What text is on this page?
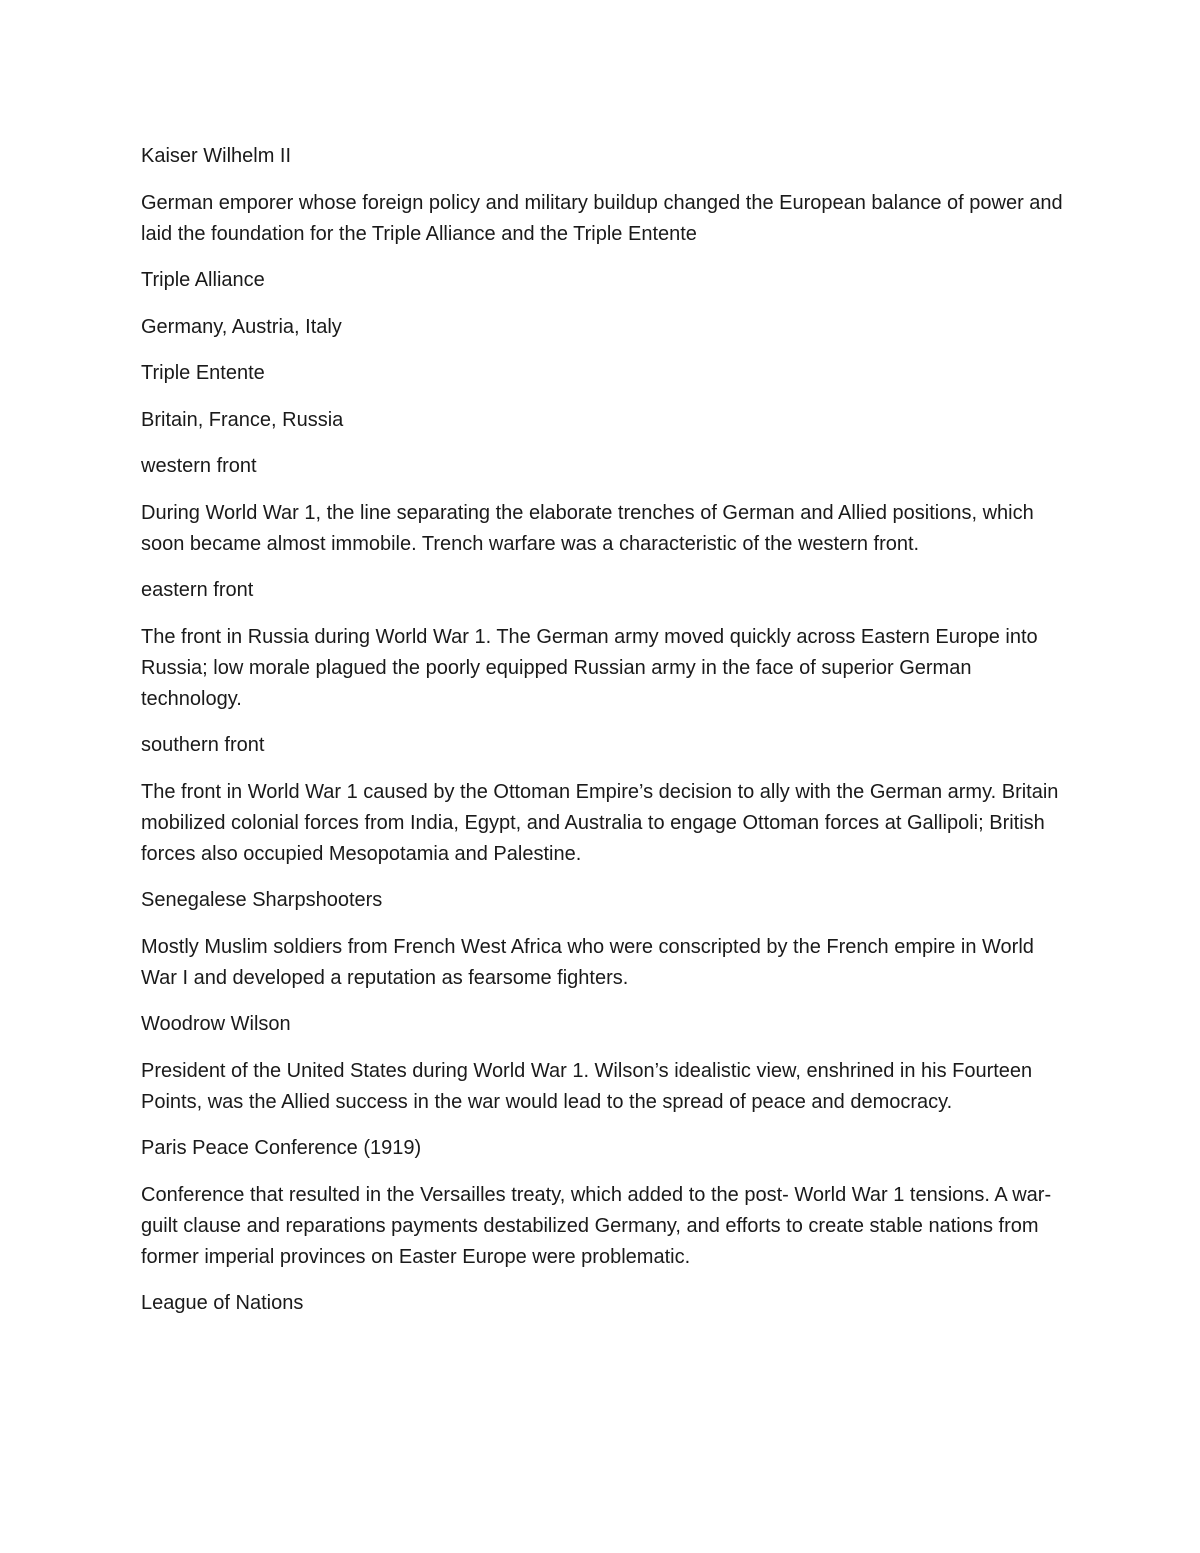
Kaiser Wilhelm II

German emporer whose foreign policy and military buildup changed the European balance of power and laid the foundation for the Triple Alliance and the Triple Entente

Triple Alliance

Germany, Austria, Italy

Triple Entente

Britain, France, Russia

western front

During World War 1, the line separating the elaborate trenches of German and Allied positions, which soon became almost immobile. Trench warfare was a characteristic of the western front.

eastern front

The front in Russia during World War 1. The German army moved quickly across Eastern Europe into Russia; low morale plagued the poorly equipped Russian army in the face of superior German technology.

southern front

The front in World War 1 caused by the Ottoman Empire’s decision to ally with the German army. Britain mobilized colonial forces from India, Egypt, and Australia to engage Ottoman forces at Gallipoli; British forces also occupied Mesopotamia and Palestine.

Senegalese Sharpshooters

Mostly Muslim soldiers from French West Africa who were conscripted by the French empire in World War I and developed a reputation as fearsome fighters.

Woodrow Wilson

President of the United States during World War 1. Wilson’s idealistic view, enshrined in his Fourteen Points, was the Allied success in the war would lead to the spread of peace and democracy.

Paris Peace Conference (1919)

Conference that resulted in the Versailles treaty, which added to the post- World War 1 tensions. A war-guilt clause and reparations payments destabilized Germany, and efforts to create stable nations from former imperial provinces on Easter Europe were problematic.

League of Nations
